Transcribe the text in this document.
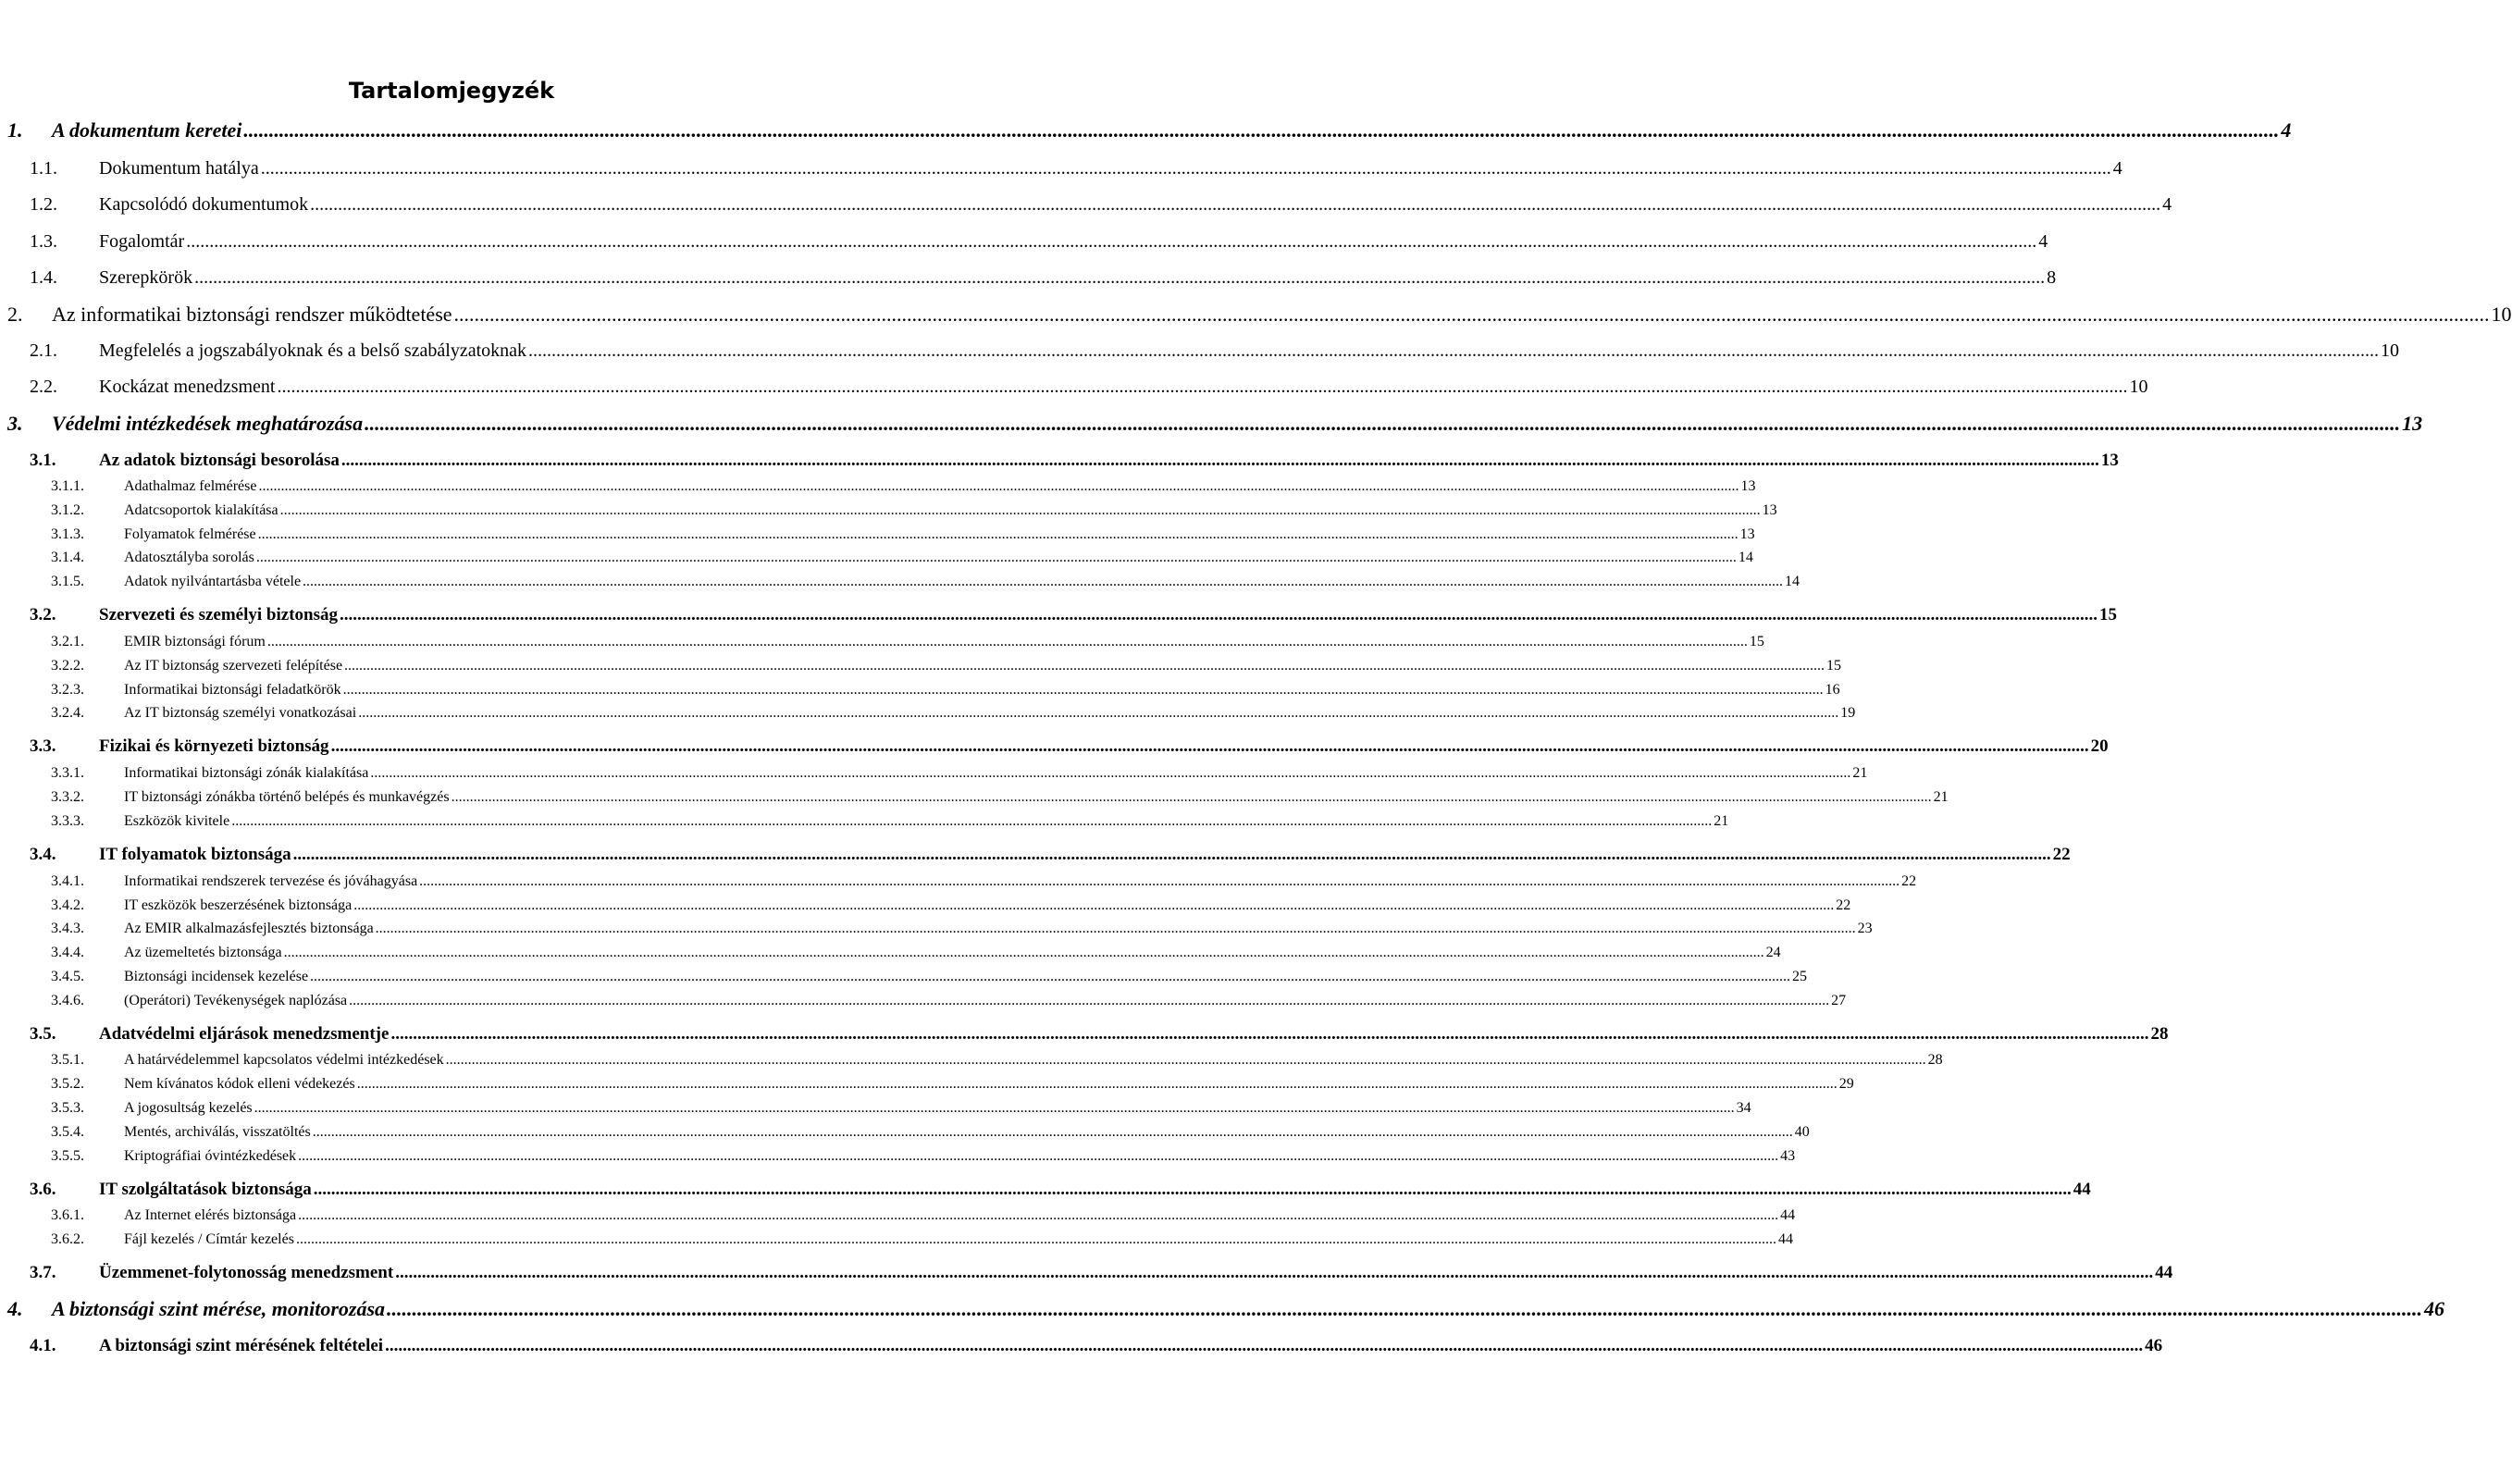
Tartalomjegyzék
1. A dokumentum keretei ................................................................................................................................................................................................................................................................................................................................................................................................................ 4
1.1. Dokumentum hatálya ................................................................................................................................................................................................................................................................................................................................................................................................................ 4
1.2. Kapcsolódó dokumentumok ................................................................................................................................................................................................................................................................................................................................................................................................................ 4
1.3. Fogalomtár ................................................................................................................................................................................................................................................................................................................................................................................................................ 4
1.4. Szerepkörök ................................................................................................................................................................................................................................................................................................................................................................................................................ 8
2. Az informatikai biztonsági rendszer működtetése ................................................................................................................................................................................................................................................................................................................................................................................................................ 10
2.1. Megfelelés a jogszabályoknak és a belső szabályzatoknak ................................................................................................................................................................................................................................................................................................................................................................................................................ 10
2.2. Kockázat menedzsment ................................................................................................................................................................................................................................................................................................................................................................................................................ 10
3. Védelmi intézkedések meghatározása ................................................................................................................................................................................................................................................................................................................................................................................................................ 13
3.1. Az adatok biztonsági besorolása ................................................................................................................................................................................................................................................................................................................................................................................................................ 13
3.1.1.	Adathalmaz felmérése ................................................................................................................................................................................................................................................................................................................................................................................................................ 13
3.1.2.	Adatcsoportok kialakítása ................................................................................................................................................................................................................................................................................................................................................................................................................ 13
3.1.3.	Folyamatok felmérése ................................................................................................................................................................................................................................................................................................................................................................................................................ 13
3.1.4.	Adatosztályba sorolás ................................................................................................................................................................................................................................................................................................................................................................................................................ 14
3.1.5.	Adatok nyilvántartásba vétele ................................................................................................................................................................................................................................................................................................................................................................................................................ 14
3.2. Szervezeti és személyi biztonság ................................................................................................................................................................................................................................................................................................................................................................................................................ 15
3.2.1.	EMIR biztonsági fórum ................................................................................................................................................................................................................................................................................................................................................................................................................ 15
3.2.2.	Az IT biztonság szervezeti felépítése ................................................................................................................................................................................................................................................................................................................................................................................................................ 15
3.2.3.	Informatikai biztonsági feladatkörök ................................................................................................................................................................................................................................................................................................................................................................................................................ 16
3.2.4.	Az IT biztonság személyi vonatkozásai ................................................................................................................................................................................................................................................................................................................................................................................................................ 19
3.3. Fizikai és környezeti biztonság ................................................................................................................................................................................................................................................................................................................................................................................................................ 20
3.3.1.	Informatikai biztonsági zónák kialakítása ................................................................................................................................................................................................................................................................................................................................................................................................................ 21
3.3.2.	IT biztonsági zónákba történő belépés és munkavégzés ................................................................................................................................................................................................................................................................................................................................................................................................................ 21
3.3.3.	Eszközök kivitele ................................................................................................................................................................................................................................................................................................................................................................................................................ 21
3.4. IT folyamatok biztonsága ................................................................................................................................................................................................................................................................................................................................................................................................................ 22
3.4.1.	Informatikai rendszerek tervezése és jóváhagyása ................................................................................................................................................................................................................................................................................................................................................................................................................ 22
3.4.2.	IT eszközök beszerzésének biztonsága ................................................................................................................................................................................................................................................................................................................................................................................................................ 22
3.4.3.	Az EMIR alkalmazásfejlesztés biztonsága ................................................................................................................................................................................................................................................................................................................................................................................................................ 23
3.4.4.	Az üzemeltetés biztonsága ................................................................................................................................................................................................................................................................................................................................................................................................................ 24
3.4.5.	Biztonsági incidensek kezelése ................................................................................................................................................................................................................................................................................................................................................................................................................ 25
3.4.6.	(Operátori) Tevékenységek naplózása ................................................................................................................................................................................................................................................................................................................................................................................................................ 27
3.5. Adatvédelmi eljárások menedzsmentje ................................................................................................................................................................................................................................................................................................................................................................................................................ 28
3.5.1.	A határvédelemmel kapcsolatos védelmi intézkedések ................................................................................................................................................................................................................................................................................................................................................................................................................ 28
3.5.2.	Nem kívánatos kódok elleni védekezés ................................................................................................................................................................................................................................................................................................................................................................................................................ 29
3.5.3.	A jogosultság kezelés ................................................................................................................................................................................................................................................................................................................................................................................................................ 34
3.5.4.	Mentés, archiválás, visszatöltés ................................................................................................................................................................................................................................................................................................................................................................................................................ 40
3.5.5.	Kriptográfiai óvintézkedések ................................................................................................................................................................................................................................................................................................................................................................................................................ 43
3.6. IT szolgáltatások biztonsága ................................................................................................................................................................................................................................................................................................................................................................................................................ 44
3.6.1.	Az Internet elérés biztonsága ................................................................................................................................................................................................................................................................................................................................................................................................................ 44
3.6.2.	Fájl kezelés / Címtár kezelés ................................................................................................................................................................................................................................................................................................................................................................................................................ 44
3.7. Üzemmenet-folytonosság menedzsment ................................................................................................................................................................................................................................................................................................................................................................................................................ 44
4. A biztonsági szint mérése, monitorozása ................................................................................................................................................................................................................................................................................................................................................................................................................ 46
4.1. A biztonsági szint mérésének feltételei ................................................................................................................................................................................................................................................................................................................................................................................................................ 46
